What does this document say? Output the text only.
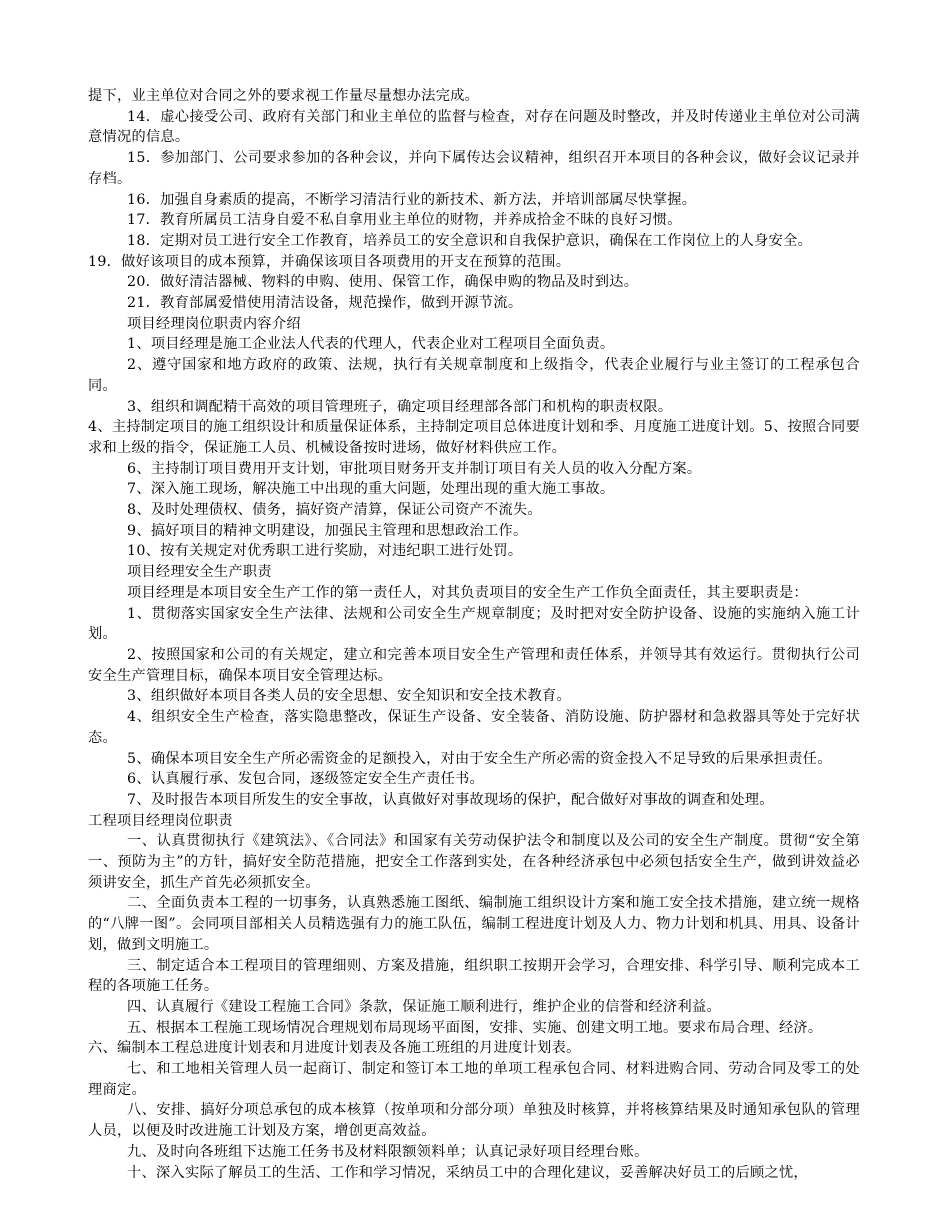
提下，业主单位对合同之外的要求视工作量尽量想办法完成。

14．虚心接受公司、政府有关部门和业主单位的监督与检查，对存在问题及时整改，并及时传递业主单位对公司满意情况的信息。

15．参加部门、公司要求参加的各种会议，并向下属传达会议精神，组织召开本项目的各种会议，做好会议记录并存档。

16．加强自身素质的提高，不断学习清洁行业的新技术、新方法，并培训部属尽快掌握。

17．教育所属员工洁身自爱不私自拿用业主单位的财物，并养成拾金不昧的良好习惯。

18．定期对员工进行安全工作教育，培养员工的安全意识和自我保护意识，确保在工作岗位上的人身安全。

19．做好该项目的成本预算，并确保该项目各项费用的开支在预算的范围。

20．做好清洁器械、物料的申购、使用、保管工作，确保申购的物品及时到达。

21．教育部属爱惜使用清洁设备，规范操作，做到开源节流。

项目经理岗位职责内容介绍

1、项目经理是施工企业法人代表的代理人，代表企业对工程项目全面负责。

2、遵守国家和地方政府的政策、法规，执行有关规章制度和上级指令，代表企业履行与业主签订的工程承包合同。

3、组织和调配精干高效的项目管理班子，确定项目经理部各部门和机构的职责权限。

4、主持制定项目的施工组织设计和质量保证体系，主持制定项目总体进度计划和季、月度施工进度计划。5、按照合同要求和上级的指令，保证施工人员、机械设备按时进场，做好材料供应工作。

6、主持制订项目费用开支计划，审批项目财务开支并制订项目有关人员的收入分配方案。

7、深入施工现场，解决施工中出现的重大问题，处理出现的重大施工事故。

8、及时处理债权、债务，搞好资产清算，保证公司资产不流失。

9、搞好项目的精神文明建设，加强民主管理和思想政治工作。

10、按有关规定对优秀职工进行奖励，对违纪职工进行处罚。

项目经理安全生产职责

项目经理是本项目安全生产工作的第一责任人，对其负责项目的安全生产工作负全面责任，其主要职责是：

1、贯彻落实国家安全生产法律、法规和公司安全生产规章制度；及时把对安全防护设备、设施的实施纳入施工计划。

2、按照国家和公司的有关规定，建立和完善本项目安全生产管理和责任体系，并领导其有效运行。贯彻执行公司安全生产管理目标，确保本项目安全管理达标。

3、组织做好本项目各类人员的安全思想、安全知识和安全技术教育。

4、组织安全生产检查，落实隐患整改，保证生产设备、安全装备、消防设施、防护器材和急救器具等处于完好状态。

5、确保本项目安全生产所必需资金的足额投入，对由于安全生产所必需的资金投入不足导致的后果承担责任。

6、认真履行承、发包合同，逐级签定安全生产责任书。

7、及时报告本项目所发生的安全事故，认真做好对事故现场的保护，配合做好对事故的调查和处理。

工程项目经理岗位职责

一、认真贯彻执行《建筑法》、《合同法》和国家有关劳动保护法令和制度以及公司的安全生产制度。贯彻“安全第一、预防为主”的方针，搞好安全防范措施，把安全工作落到实处，在各种经济承包中必须包括安全生产，做到讲效益必须讲安全，抓生产首先必须抓安全。

二、全面负责本工程的一切事务，认真熟悉施工图纸、编制施工组织设计方案和施工安全技术措施，建立统一规格的“八牌一图”。会同项目部相关人员精选强有力的施工队伍，编制工程进度计划及人力、物力计划和机具、用具、设备计划，做到文明施工。

三、制定适合本工程项目的管理细则、方案及措施，组织职工按期开会学习，合理安排、科学引导、顺利完成本工程的各项施工任务。

四、认真履行《建设工程施工合同》条款，保证施工顺利进行，维护企业的信誉和经济利益。

五、根据本工程施工现场情况合理规划布局现场平面图，安排、实施、创建文明工地。要求布局合理、经济。

六、编制本工程总进度计划表和月进度计划表及各施工班组的月进度计划表。

七、和工地相关管理人员一起商订、制定和签订本工地的单项工程承包合同、材料进购合同、劳动合同及零工的处理商定。

八、安排、搞好分项总承包的成本核算（按单项和分部分项）单独及时核算，并将核算结果及时通知承包队的管理人员，以便及时改进施工计划及方案，增创更高效益。

九、及时向各班组下达施工任务书及材料限额领料单；认真记录好项目经理台账。

十、深入实际了解员工的生活、工作和学习情况，采纳员工中的合理化建议，妥善解决好员工的后顾之忧，
